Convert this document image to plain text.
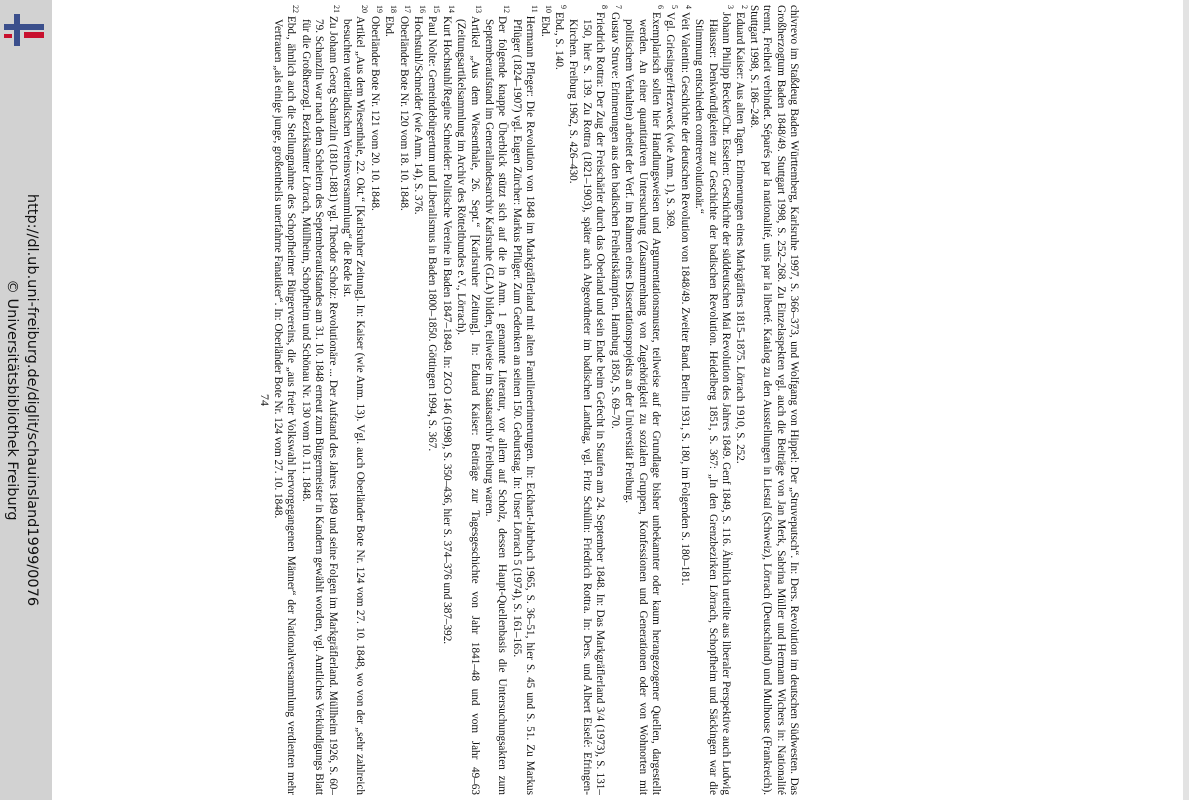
http://dl.ub.uni-freiburg.de/diglit/schauinsland1999/0076
© Universitätsbibliothek Freiburg	chivrevo im Staßdeug Baden Württemberg, Karlsruhe 1997, S. 366–373, und Wolfgang von Hippel: Der „Struveputsch“. In: Ders. Revolution im deutschen Südwesten. Das Großherzogtum Baden 1848/49. Stuttgart 1998, S. 252–268. Zu Einzelaspekten vgl. auch die Beiträge von Jan Merk, Sabrina Müller und Hermann Wichers in: Nationalité trennt, Freiheit verbindet. Séparés par la nationalité, unis par la liberté. Katalog zu den Ausstellungen in Liestal (Schweiz), Lörrach (Deutschland) und Mulhouse (Frankreich). Stuttgart 1998, S. 186–248.

$^2$Eduard Kaiser: Aus alten Tagen. Erinnerungen eines Markgräflers 1815–1875. Lörrach 1910, S. 252.

$^3$Johann Philipp Becker/Chr. Esselen: Geschichte der süddeutschen Mai Revolution des Jahres 1849. Genf 1849, S. 116. Ähnlich urteilte aus liberaler Perspektive auch Ludwig Häusser: Denkwürdigkeiten zur Geschichte der badischen Revolution. Heidelberg 1851, S. 367: „In den Grenzbezirken Lörrach, Schopfheim und Säckingen war die Stimmung entschieden contrerevolutionär.“

$^4$Veit Valentin: Geschichte der deutschen Revolution von 1848/49. Zweiter Band. Berlin 1931, S. 180, im Folgenden S. 180–181.

$^5$Vgl. Griesinger/Herzweck (wie Anm. 1), S. 369.

$^6$Exemplarisch sollen hier Handlungsweisen und Argumentationsmuster, teilweise auf der Grundlage bisher unbekannter oder kaum herangezogener Quellen, dargestellt werden. An einer quantitativen Untersuchung (Zusammenhang von Zugehörigkeit zu sozialen Gruppen, Konfessionen und Generationen oder von Wohnorten mit politischem Verhalten) arbeitet der Verf. im Rahmen eines Dissertationsprojekts an der Universität Freiburg.

$^7$Gustav Struve: Erinnerungen aus den badischen Freiheitskämpfen. Hamburg 1850, S. 69–70.

$^8$Friedrich Rottra: Der Zug der Freischärler durch das Oberland und sein Ende beim Gefecht in Staufen am 24. September 1848. In: Das Markgräflerland 3/4 (1973), S. 131–150, hier S. 139. Zu Rottra (1821–1903), später auch Abgeordneter im badischen Landtag, vgl. Fritz Schülin: Friedrich Rottra. In: Ders. und Albert Eiselé: Efringen-Kirchen. Freiburg 1962, S. 426–430.

$^9$Ebd., S. 140.

$^{10}$Ebd.

$^{11}$Hermann Pfleger: Die Revolution von 1848 im Markgräflerland mit alten Familienerinnerungen. In: Eckhart-Jahrbuch 1965, S. 36–51, hier S. 45 und S. 51. Zu Markus Pflüger (1824–1907) vgl. Eugen Zürcher: Markus Pflüger. Zum Gedenken an seinen 150. Geburtstag. In: Unser Lörrach 5 (1974), S. 161–165.

$^{12}$Der folgende knappe Überblick stützt sich auf die in Anm. 1 genannte Literatur, vor allem auf Scholz, dessen Haupt-Quellenbasis die Untersuchungsakten zum Septemberaufstand im Generallandesarchiv Karlsruhe (GLA) bilden, teilweise im Staatsarchiv Freiburg waren.

$^{13}$Artikel „Aus dem Wiesenthale, 26. Sept.“ [Karlsruher Zeitung]. In: Eduard Kaiser: Beiträge zur Tagesgeschichte von Jahr 1841–48 und vom Jahr 49–63 (Zeitungsartikelsammlung im Archiv des Rötteltbundes e.V., Lörrach).

$^{14}$Kurt Hochstuhl/Regine Schneider: Politische Vereine in Baden 1847–1849. In: ZGO 146 (1998), S. 350–436, hier S. 374–376 und 387–392.

$^{15}$Paul Nolte: Gemeindebürgertum und Liberalismus in Baden 1800–1850. Göttingen 1994, S. 367.

$^{16}$Hochstuhl/Schneider (wie Anm. 14), S. 376.

$^{17}$Oberländer Bote Nr. 120 vom 18. 10. 1848.

$^{18}$Ebd.

$^{19}$Oberländer Bote Nr. 121 vom 20. 10. 1848.

$^{20}$Artikel „Aus dem Wiesenthale, 22. Okt.“ [Karlsruher Zeitung]. In: Kaiser (wie Anm. 13). Vgl. auch Oberländer Bote Nr. 124 vom 27. 10. 1848, wo von der „sehr zahlreich besuchten vaterländischen Vereinsversammlung“ die Rede ist.

$^{21}$Zu Johann Georg Schanzlin (1810–1881) vgl. Theodor Scholz: Revolutionäre ... Der Aufstand des Jahres 1849 und seine Folgen im Markgräflerland. Müllheim 1926, S. 60–79. Schanzlin war nach dem Scheitern des Septemberaufstandes am 31. 10. 1848 erneut zum Bürgermeister in Kandern gewählt worden, vgl. Amtliches Verkündigungs Blatt für die Großherzogl. Bezirksämter Lörrach, Müllheim, Schopfheim und Schönau Nr. 130 vom 10. 11. 1848.

$^{22}$Ebd., ähnlich auch die Stellungnahme des Schopfheimer Bürgervereins, die „aus freier Volkswahl hervorgegangenen Männer“ der Nationalversammlung verdienten mehr Vertrauen „als einige junge, großentheils unerfahrne Fanatiker“. In: Oberländer Bote Nr. 124 vom 27. 10. 1848.

74
